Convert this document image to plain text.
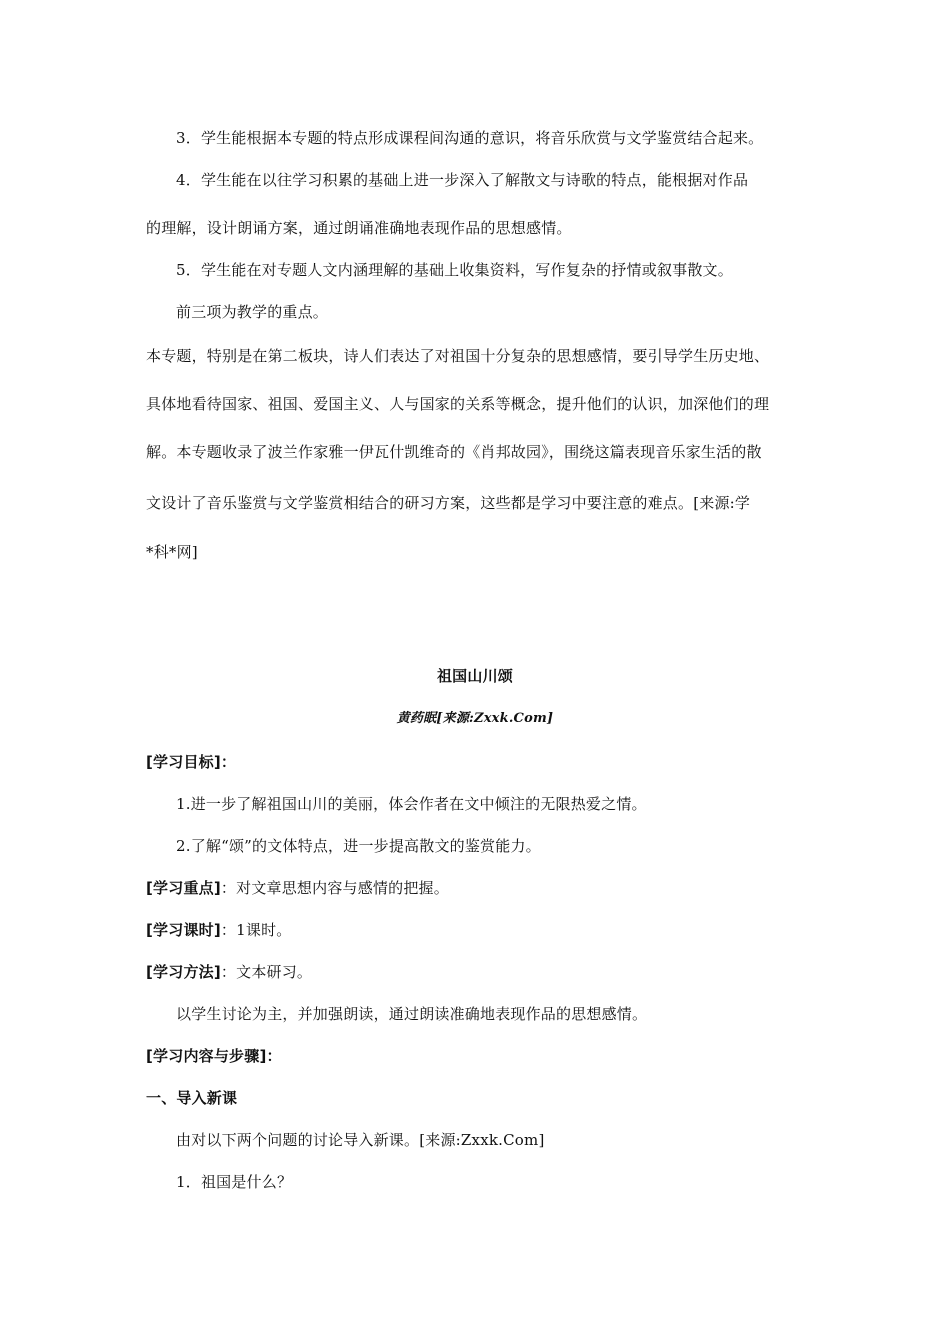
3．学生能根据本专题的特点形成课程间沟通的意识，将音乐欣赏与文学鉴赏结合起来。
4．学生能在以往学习积累的基础上进一步深入了解散文与诗歌的特点，能根据对作品
的理解，设计朗诵方案，通过朗诵准确地表现作品的思想感情。
5．学生能在对专题人文内涵理解的基础上收集资料，写作复杂的抒情或叙事散文。
前三项为教学的重点。
本专题，特别是在第二板块，诗人们表达了对祖国十分复杂的思想感情，要引导学生历史地、
具体地看待国家、祖国、爱国主义、人与国家的关系等概念，提升他们的认识，加深他们的理
解。本专题收录了波兰作家雅一伊瓦什凯维奇的《肖邦故园》，围绕这篇表现音乐家生活的散
文设计了音乐鉴赏与文学鉴赏相结合的研习方案，这些都是学习中要注意的难点。[来源:学
*科*网]
祖国山川颂
黄药眠[来源:Zxxk.Com]
[学习目标]：
1.进一步了解祖国山川的美丽，体会作者在文中倾注的无限热爱之情。
2.了解“颂”的文体特点，进一步提高散文的鉴赏能力。
[学习重点]：对文章思想内容与感情的把握。
[学习课时]：1课时。
[学习方法]：文本研习。
以学生讨论为主，并加强朗读，通过朗读准确地表现作品的思想感情。
[学习内容与步骤]：
一、导入新课
由对以下两个问题的讨论导入新课。[来源:Zxxk.Com]
1．祖国是什么？
